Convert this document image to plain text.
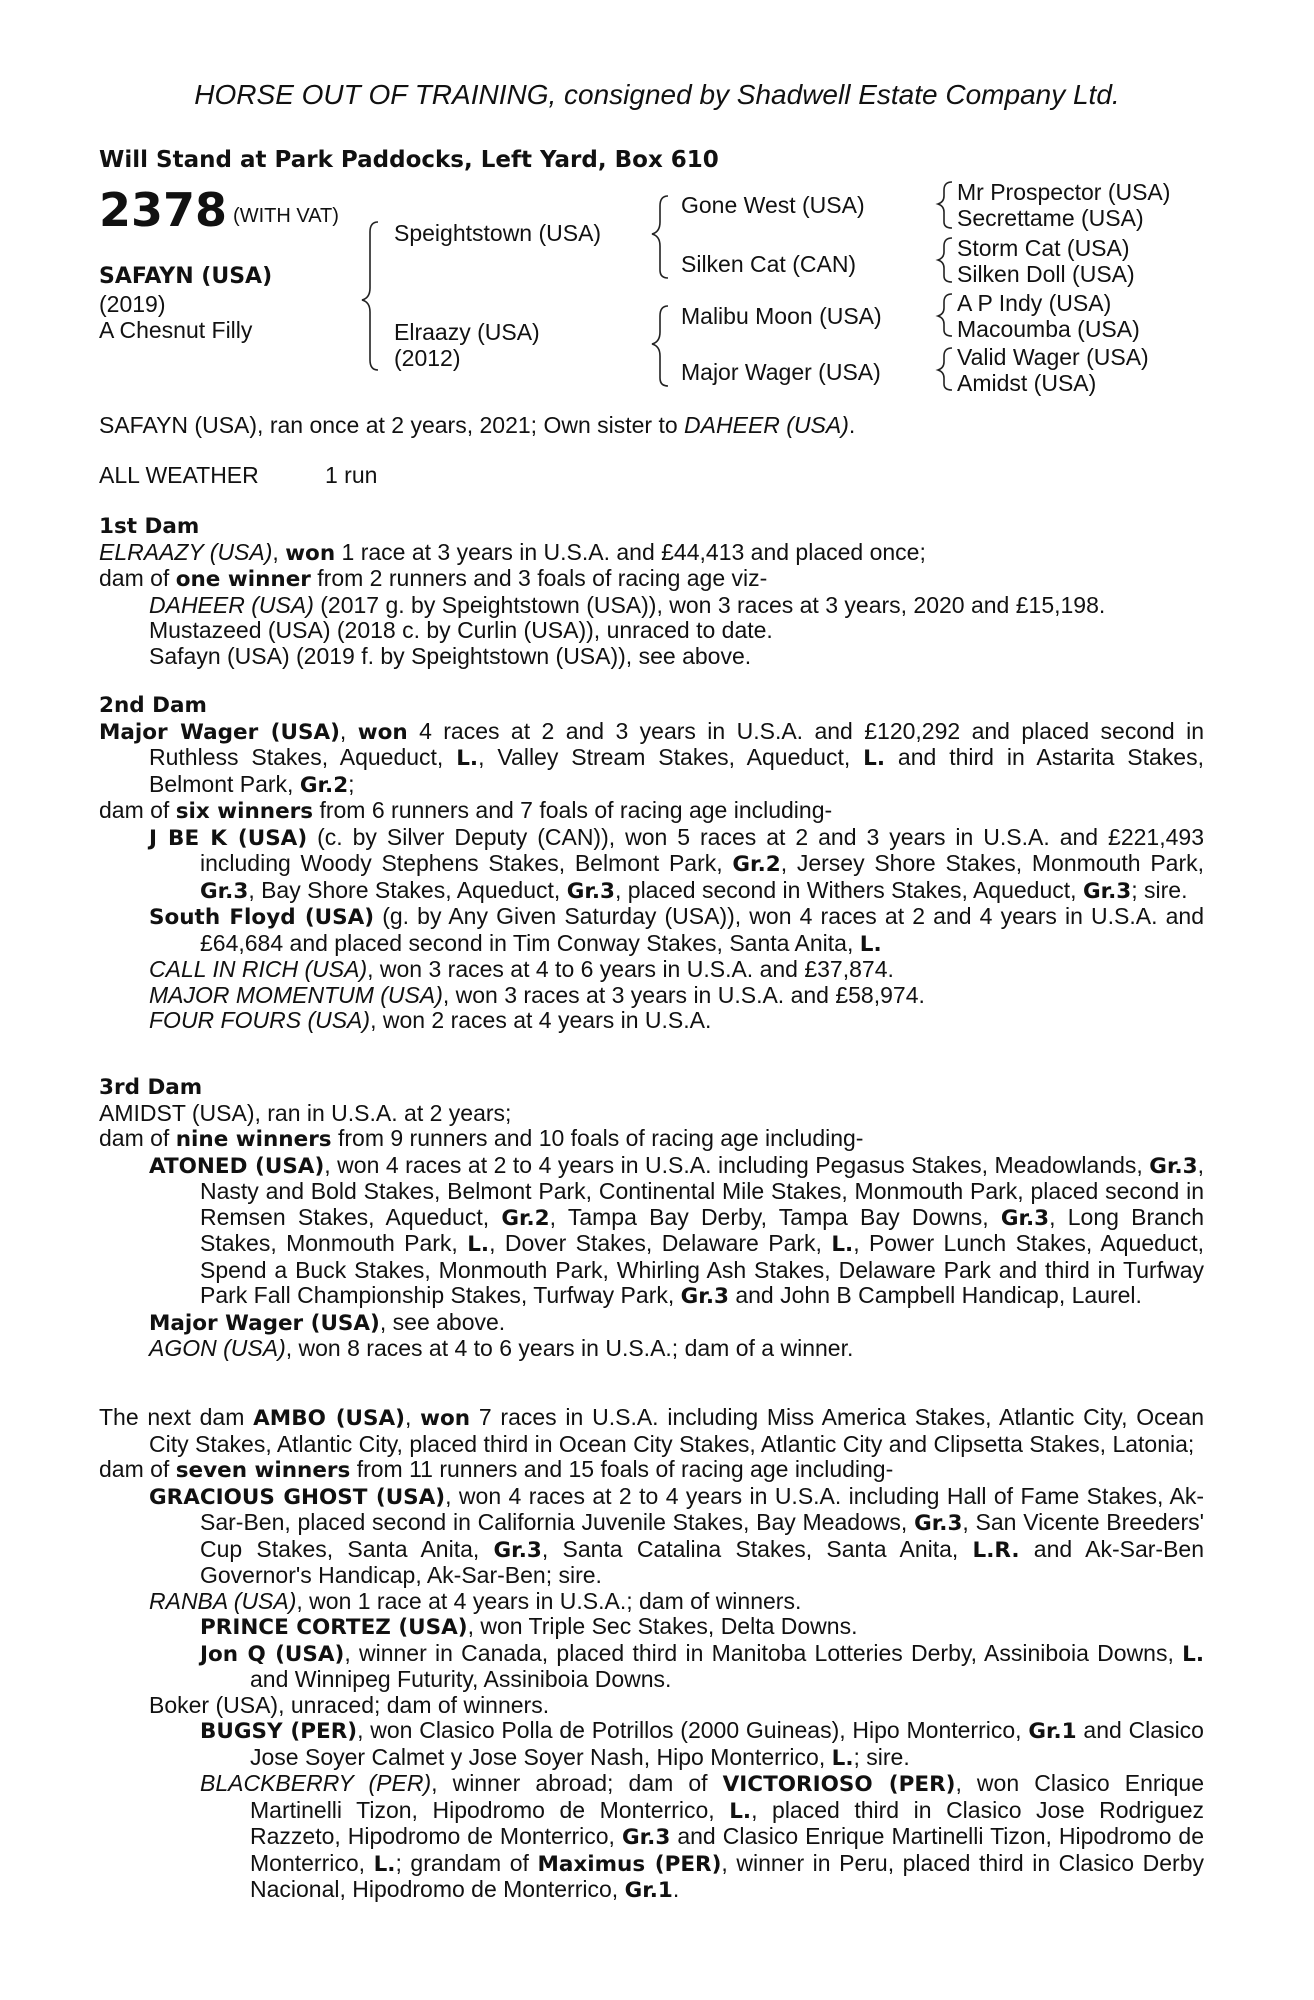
HORSE OUT OF TRAINING, consigned by Shadwell Estate Company Ltd.
Will Stand at Park Paddocks, Left Yard, Box 610
2378 (WITH VAT)
SAFAYN (USA)
(2019)
A Chesnut Filly
Speightstown (USA)
Elraazy (USA)
(2012)
Gone West (USA)
Silken Cat (CAN)
Malibu Moon (USA)
Major Wager (USA)
Mr Prospector (USA)
Secrettame (USA)
Storm Cat (USA)
Silken Doll (USA)
A P Indy (USA)
Macoumba (USA)
Valid Wager (USA)
Amidst (USA)
SAFAYN (USA), ran once at 2 years, 2021; Own sister to DAHEER (USA).
ALL WEATHER	1 run

1st Dam

ELRAAZY (USA), won 1 race at 3 years in U.S.A. and £44,413 and placed once;

dam of one winner from 2 runners and 3 foals of racing age viz-

DAHEER (USA) (2017 g. by Speightstown (USA)), won 3 races at 3 years, 2020 and £15,198.

Mustazeed (USA) (2018 c. by Curlin (USA)), unraced to date.

Safayn (USA) (2019 f. by Speightstown (USA)), see above.

2nd Dam

Major Wager (USA), won 4 races at 2 and 3 years in U.S.A. and £120,292 and placed second in Ruthless Stakes, Aqueduct, L., Valley Stream Stakes, Aqueduct, L. and third in Astarita Stakes, Belmont Park, Gr.2;

dam of six winners from 6 runners and 7 foals of racing age including-

J BE K (USA) (c. by Silver Deputy (CAN)), won 5 races at 2 and 3 years in U.S.A. and £221,493 including Woody Stephens Stakes, Belmont Park, Gr.2, Jersey Shore Stakes, Monmouth Park, Gr.3, Bay Shore Stakes, Aqueduct, Gr.3, placed second in Withers Stakes, Aqueduct, Gr.3; sire.

South Floyd (USA) (g. by Any Given Saturday (USA)), won 4 races at 2 and 4 years in U.S.A. and £64,684 and placed second in Tim Conway Stakes, Santa Anita, L.

CALL IN RICH (USA), won 3 races at 4 to 6 years in U.S.A. and £37,874.

MAJOR MOMENTUM (USA), won 3 races at 3 years in U.S.A. and £58,974.

FOUR FOURS (USA), won 2 races at 4 years in U.S.A.

3rd Dam

AMIDST (USA), ran in U.S.A. at 2 years;

dam of nine winners from 9 runners and 10 foals of racing age including-

ATONED (USA), won 4 races at 2 to 4 years in U.S.A. including Pegasus Stakes, Meadowlands, Gr.3, Nasty and Bold Stakes, Belmont Park, Continental Mile Stakes, Monmouth Park, placed second in Remsen Stakes, Aqueduct, Gr.2, Tampa Bay Derby, Tampa Bay Downs, Gr.3, Long Branch Stakes, Monmouth Park, L., Dover Stakes, Delaware Park, L., Power Lunch Stakes, Aqueduct, Spend a Buck Stakes, Monmouth Park, Whirling Ash Stakes, Delaware Park and third in Turfway Park Fall Championship Stakes, Turfway Park, Gr.3 and John B Campbell Handicap, Laurel.

Major Wager (USA), see above.

AGON (USA), won 8 races at 4 to 6 years in U.S.A.; dam of a winner.

The next dam AMBO (USA), won 7 races in U.S.A. including Miss America Stakes, Atlantic City, Ocean City Stakes, Atlantic City, placed third in Ocean City Stakes, Atlantic City and Clipsetta Stakes, Latonia;

dam of seven winners from 11 runners and 15 foals of racing age including-

GRACIOUS GHOST (USA), won 4 races at 2 to 4 years in U.S.A. including Hall of Fame Stakes, Ak-Sar-Ben, placed second in California Juvenile Stakes, Bay Meadows, Gr.3, San Vicente Breeders' Cup Stakes, Santa Anita, Gr.3, Santa Catalina Stakes, Santa Anita, L.R. and Ak-Sar-Ben Governor's Handicap, Ak-Sar-Ben; sire.

RANBA (USA), won 1 race at 4 years in U.S.A.; dam of winners.

PRINCE CORTEZ (USA), won Triple Sec Stakes, Delta Downs.

Jon Q (USA), winner in Canada, placed third in Manitoba Lotteries Derby, Assiniboia Downs, L. and Winnipeg Futurity, Assiniboia Downs.

Boker (USA), unraced; dam of winners.

BUGSY (PER), won Clasico Polla de Potrillos (2000 Guineas), Hipo Monterrico, Gr.1 and Clasico Jose Soyer Calmet y Jose Soyer Nash, Hipo Monterrico, L.; sire.

BLACKBERRY (PER), winner abroad; dam of VICTORIOSO (PER), won Clasico Enrique Martinelli Tizon, Hipodromo de Monterrico, L., placed third in Clasico Jose Rodriguez Razzeto, Hipodromo de Monterrico, Gr.3 and Clasico Enrique Martinelli Tizon, Hipodromo de Monterrico, L.; grandam of Maximus (PER), winner in Peru, placed third in Clasico Derby Nacional, Hipodromo de Monterrico, Gr.1.
